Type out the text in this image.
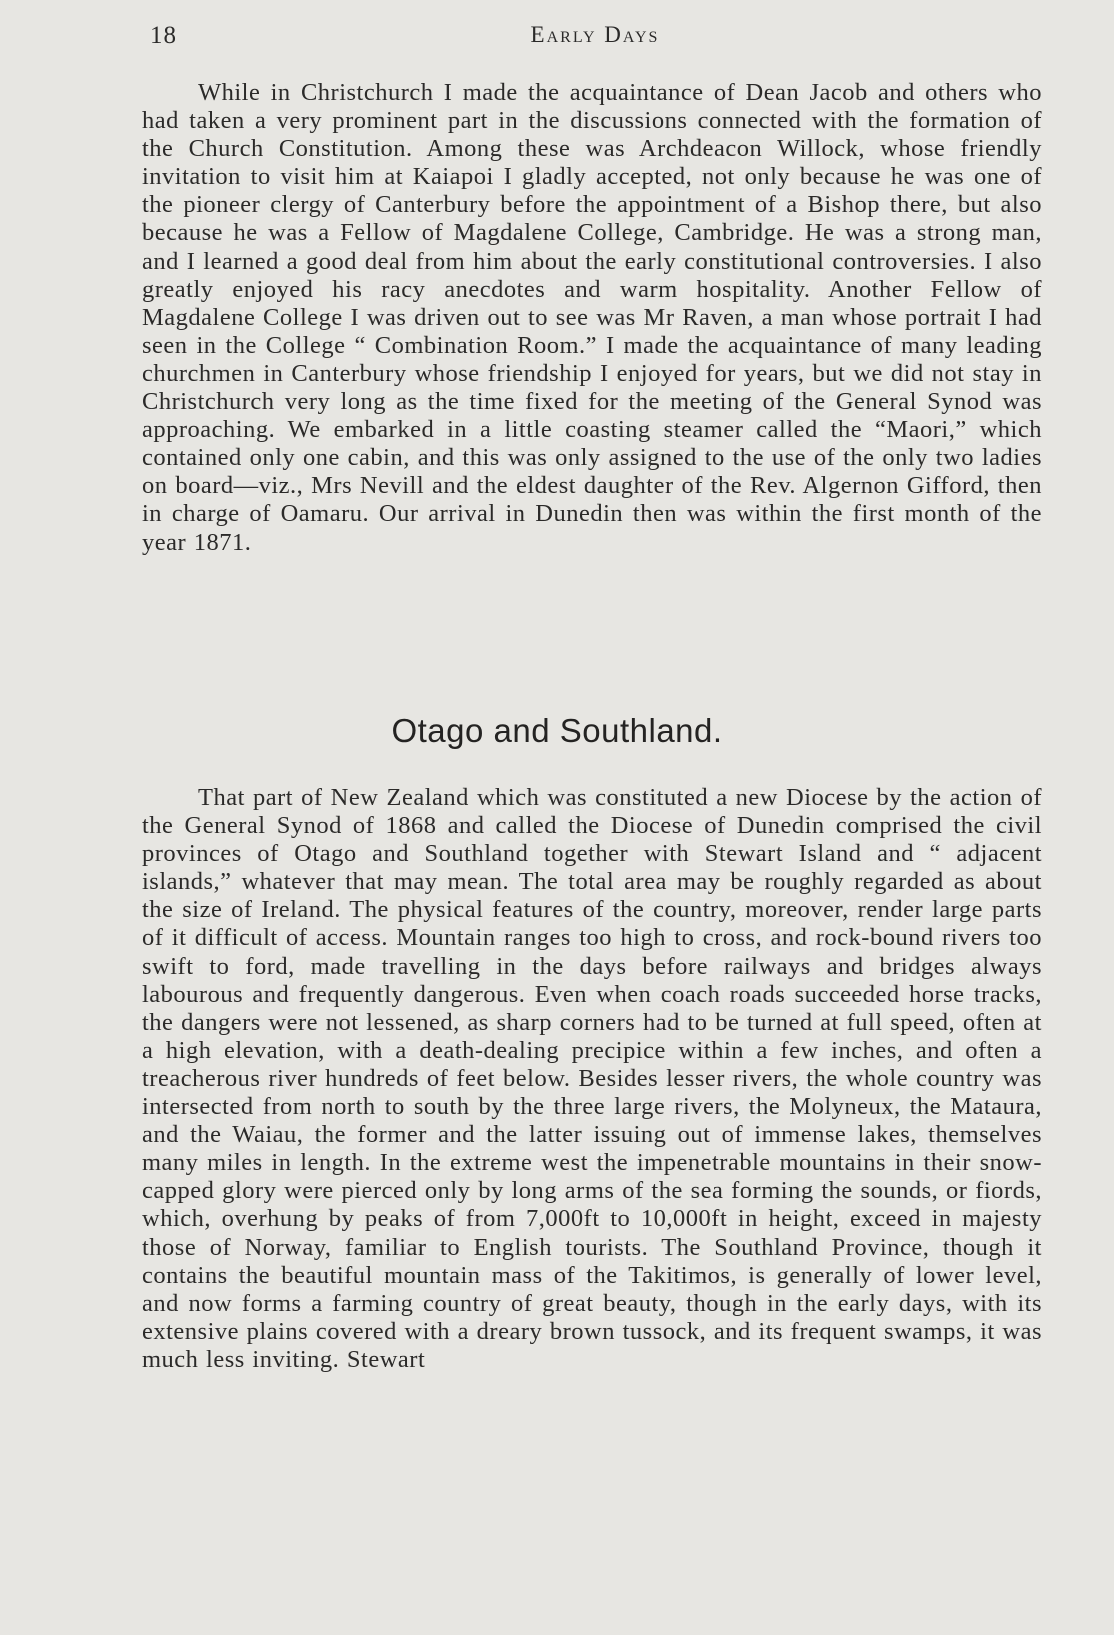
18	Early Days

While in Christchurch I made the acquaintance of Dean Jacob and others who had taken a very prominent part in the discussions connected with the formation of the Church Constitution. Among these was Archdeacon Willock, whose friendly invitation to visit him at Kaiapoi I gladly accepted, not only because he was one of the pioneer clergy of Canterbury before the appointment of a Bishop there, but also because he was a Fellow of Magdalene College, Cambridge. He was a strong man, and I learned a good deal from him about the early constitutional controversies. I also greatly enjoyed his racy anecdotes and warm hospitality. Another Fellow of Magdalene College I was driven out to see was Mr Raven, a man whose portrait I had seen in the College “ Combination Room.” I made the acquaintance of many leading churchmen in Canterbury whose friendship I enjoyed for years, but we did not stay in Christchurch very long as the time fixed for the meeting of the General Synod was approaching. We embarked in a little coasting steamer called the “Maori,” which contained only one cabin, and this was only assigned to the use of the only two ladies on board—viz., Mrs Nevill and the eldest daughter of the Rev. Algernon Gifford, then in charge of Oamaru. Our arrival in Dunedin then was within the first month of the year 1871.

Otago and Southland.

That part of New Zealand which was constituted a new Diocese by the action of the General Synod of 1868 and called the Diocese of Dunedin comprised the civil provinces of Otago and Southland together with Stewart Island and “ adjacent islands,” whatever that may mean. The total area may be roughly regarded as about the size of Ireland. The physical features of the country, moreover, render large parts of it difficult of access. Mountain ranges too high to cross, and rock-bound rivers too swift to ford, made travelling in the days before railways and bridges always labourous and frequently dangerous. Even when coach roads succeeded horse tracks, the dangers were not lessened, as sharp corners had to be turned at full speed, often at a high elevation, with a death-dealing precipice within a few inches, and often a treacherous river hundreds of feet below. Besides lesser rivers, the whole country was intersected from north to south by the three large rivers, the Molyneux, the Mataura, and the Waiau, the former and the latter issuing out of immense lakes, themselves many miles in length. In the extreme west the impenetrable mountains in their snow-capped glory were pierced only by long arms of the sea forming the sounds, or fiords, which, overhung by peaks of from 7,000ft to 10,000ft in height, exceed in majesty those of Norway, familiar to English tourists. The Southland Province, though it contains the beautiful mountain mass of the Takitimos, is generally of lower level, and now forms a farming country of great beauty, though in the early days, with its extensive plains covered with a dreary brown tussock, and its frequent swamps, it was much less inviting. Stewart
